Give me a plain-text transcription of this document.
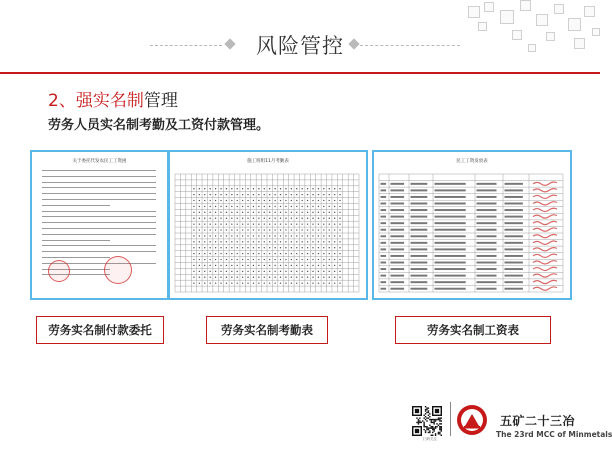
风险管控
2、强实名制管理
劳务人员实名制考勤及工资付款管理。
关于委托代发农民工工资函	施工班组11月考勤表	民工工资发放表
劳务实名制付款委托	劳务实名制考勤表	劳务实名制工资表
扫码关注
五矿二十三冶
The 23rd MCC of Minmetals
